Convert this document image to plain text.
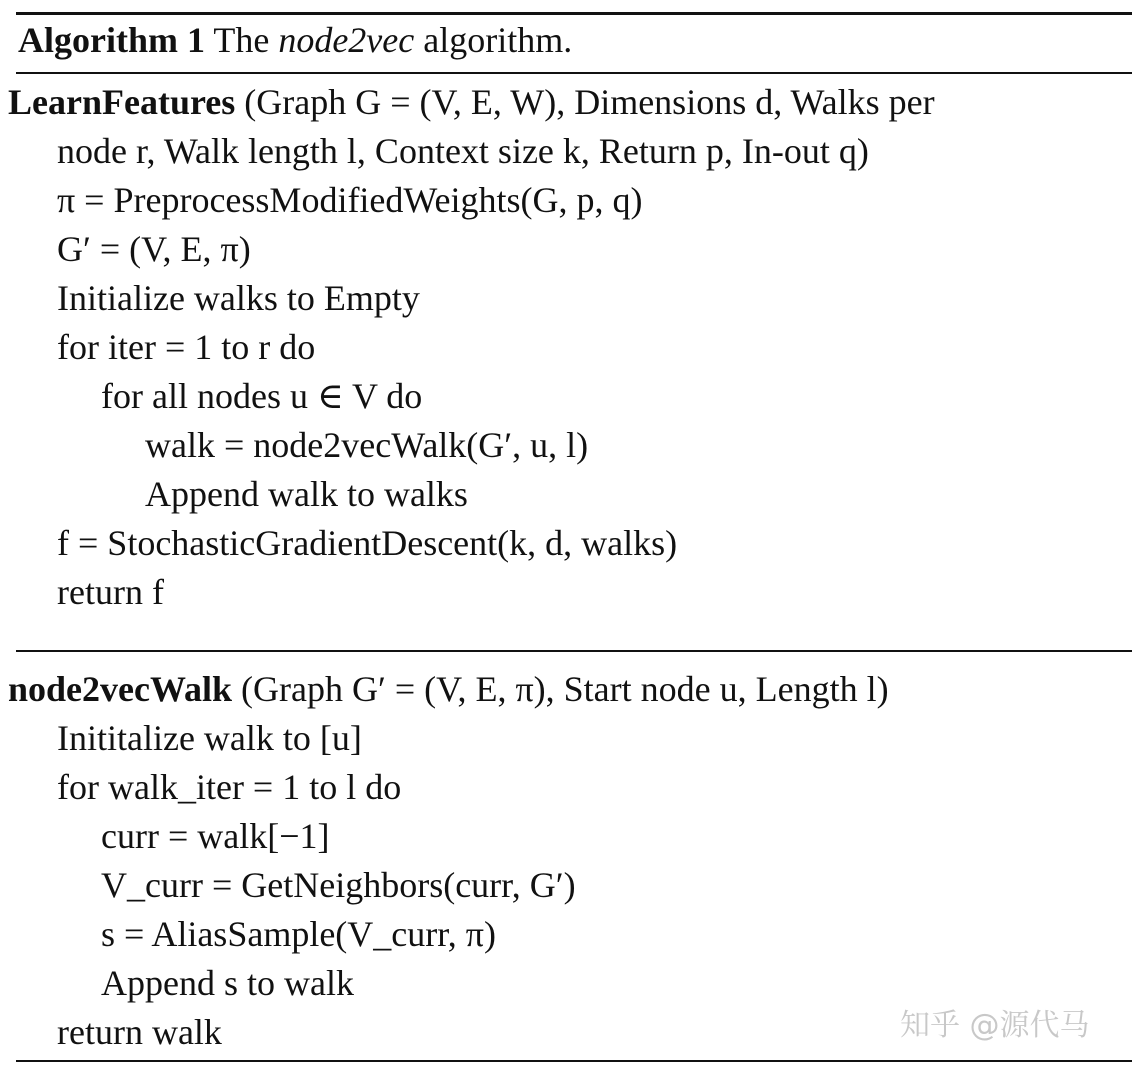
Algorithm 1 The node2vec algorithm.
LearnFeatures (Graph G = (V, E, W), Dimensions d, Walks per
node r, Walk length l, Context size k, Return p, In-out q)
π = PreprocessModifiedWeights(G, p, q)
G′ = (V, E, π)
Initialize walks to Empty
for iter = 1 to r do
for all nodes u ∈ V do
walk = node2vecWalk(G′, u, l)
Append walk to walks
f = StochasticGradientDescent(k, d, walks)
return f
node2vecWalk (Graph G′ = (V, E, π), Start node u, Length l)
Inititalize walk to [u]
for walk_iter = 1 to l do
curr = walk[−1]
V_curr = GetNeighbors(curr, G′)
s = AliasSample(V_curr, π)
Append s to walk
return walk	知乎 @源代马
